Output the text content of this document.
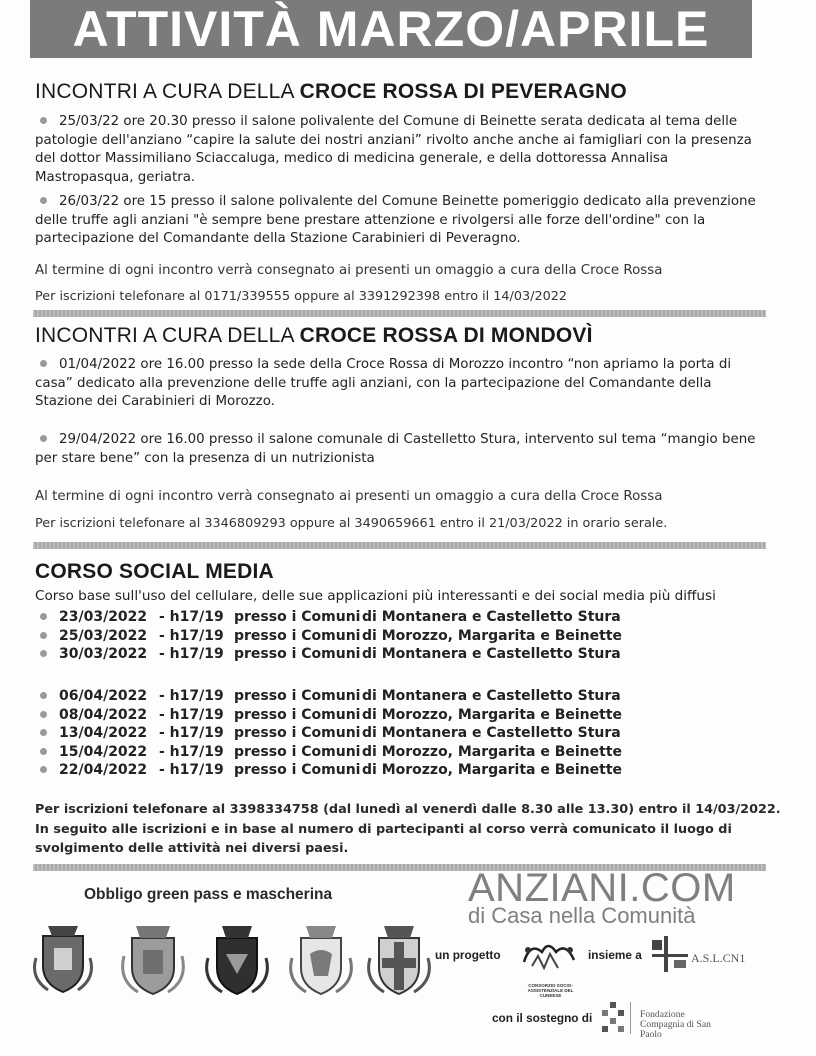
ATTIVITÀ MARZO/APRILE
INCONTRI A CURA DELLA CROCE ROSSA DI PEVERAGNO
25/03/22 ore 20.30 presso il salone polivalente del Comune di Beinette serata dedicata al tema delle patologie dell'anziano “capire la salute dei nostri anziani” rivolto anche anche ai famigliari con la presenza del dottor Massimiliano Sciaccaluga, medico di medicina generale, e della dottoressa Annalisa Mastropasqua, geriatra.
26/03/22 ore 15 presso il salone polivalente del Comune Beinette pomeriggio dedicato alla prevenzione delle truffe agli anziani "è sempre bene prestare attenzione e rivolgersi alle forze dell'ordine" con la partecipazione del Comandante della Stazione Carabinieri di Peveragno.
Al termine di ogni incontro verrà consegnato ai presenti un omaggio a cura della Croce Rossa
Per iscrizioni telefonare al 0171/339555 oppure al 3391292398 entro il 14/03/2022
INCONTRI A CURA DELLA CROCE ROSSA DI MONDOVÌ
01/04/2022 ore 16.00 presso la sede della Croce Rossa di Morozzo incontro “non apriamo la porta di casa” dedicato alla prevenzione delle truffe agli anziani, con la partecipazione del Comandante della Stazione dei Carabinieri di Morozzo.
29/04/2022 ore 16.00 presso il salone comunale di Castelletto Stura, intervento sul tema “mangio bene per stare bene” con la presenza di un nutrizionista
Al termine di ogni incontro verrà consegnato ai presenti un omaggio a cura della Croce Rossa
Per iscrizioni telefonare al 3346809293 oppure al 3490659661 entro il 21/03/2022 in orario serale.
CORSO SOCIAL MEDIA
Corso base sull'uso del cellulare, delle sue applicazioni più interessanti e dei social media più diffusi
23/03/2022 - h17/19 presso i Comuni di Montanera e Castelletto Stura
25/03/2022 - h17/19 presso i Comuni di Morozzo, Margarita e Beinette
30/03/2022 - h17/19 presso i Comuni di Montanera e Castelletto Stura
06/04/2022 - h17/19 presso i Comuni di Montanera e Castelletto Stura
08/04/2022 - h17/19 presso i Comuni di Morozzo, Margarita e Beinette
13/04/2022 - h17/19 presso i Comuni di Montanera e Castelletto Stura
15/04/2022 - h17/19 presso i Comuni di Morozzo, Margarita e Beinette
22/04/2022 - h17/19 presso i Comuni di Morozzo, Margarita e Beinette
Per iscrizioni telefonare al 3398334758 (dal lunedì al venerdì dalle 8.30 alle 13.30) entro il 14/03/2022.
In seguito alle iscrizioni e in base al numero di partecipanti al corso verrà comunicato il luogo di
svolgimento delle attività nei diversi paesi.
Obbligo green pass e mascherina	ANZIANI.COM
di Casa nella Comunità
un progetto
CONSORZIO SOCIO-ASSISTENZIALE DEL CUNEESE
insieme a	A.S.L.CN1
con il sostegno di	Fondazione Compagnia di San Paolo
